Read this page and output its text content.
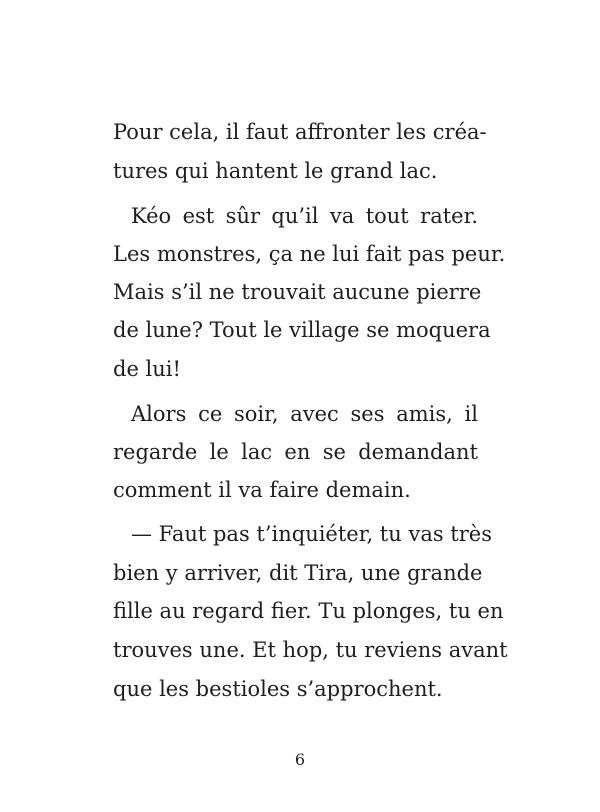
Pour cela, il faut affronter les créa-
tures qui hantent le grand lac.
Kéo est sûr qu’il va tout rater.
Les monstres, ça ne lui fait pas peur.
Mais s’il ne trouvait aucune pierre
de lune? Tout le village se moquera
de lui!
Alors ce soir, avec ses amis, il
regarde le lac en se demandant
comment il va faire demain.
— Faut pas t’inquiéter, tu vas très
bien y arriver, dit Tira, une grande
fille au regard fier. Tu plonges, tu en
trouves une. Et hop, tu reviens avant
que les bestioles s’approchent.
6
